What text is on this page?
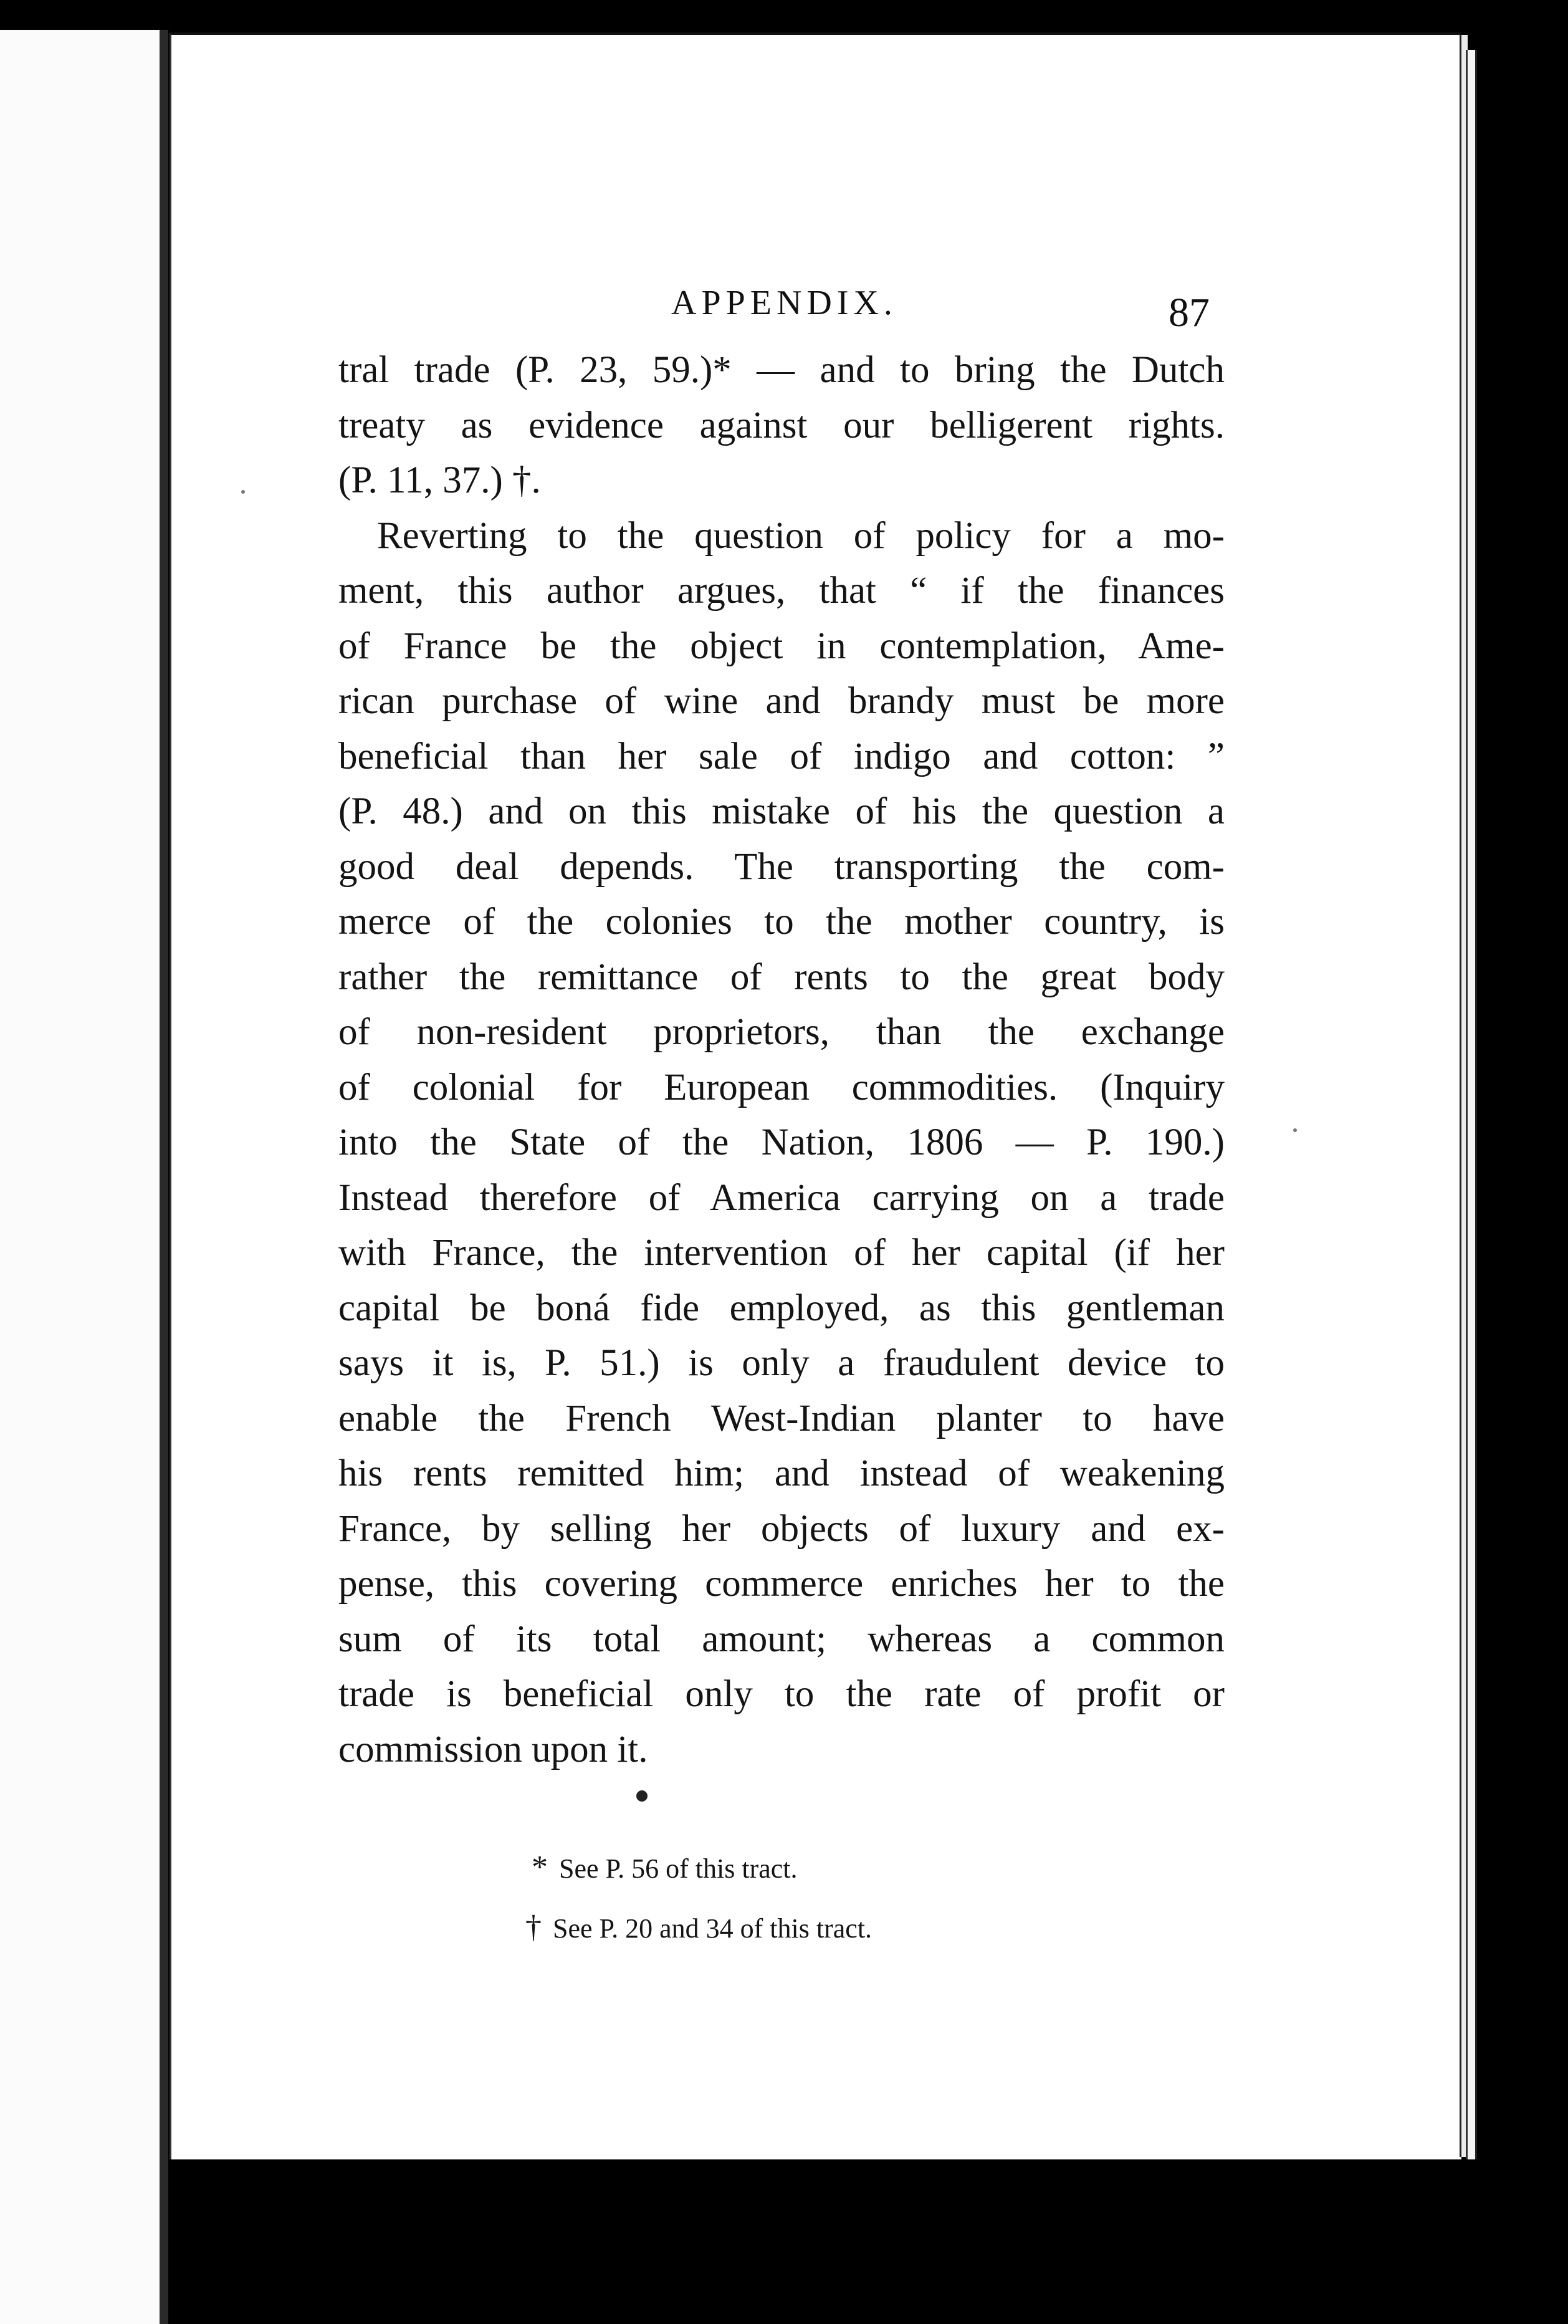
APPENDIX.	87
tral trade (P. 23, 59.)* — and to bring the Dutch
treaty as evidence against our belligerent rights.
(P. 11, 37.) †.
Reverting to the question of policy for a mo-
ment, this author argues, that “ if the finances
of France be the object in contemplation, Ame-
rican purchase of wine and brandy must be more
beneficial than her sale of indigo and cotton: ”
(P. 48.) and on this mistake of his the question a
good deal depends. The transporting the com-
merce of the colonies to the mother country, is
rather the remittance of rents to the great body
of non-resident proprietors, than the exchange
of colonial for European commodities. (Inquiry
into the State of the Nation, 1806 — P. 190.)
Instead therefore of America carrying on a trade
with France, the intervention of her capital (if her
capital be boná fide employed, as this gentleman
says it is, P. 51.) is only a fraudulent device to
enable the French West-Indian planter to have
his rents remitted him; and instead of weakening
France, by selling her objects of luxury and ex-
pense, this covering commerce enriches her to the
sum of its total amount; whereas a common
trade is beneficial only to the rate of profit or
commission upon it.
* See P. 56 of this tract.
† See P. 20 and 34 of this tract.
